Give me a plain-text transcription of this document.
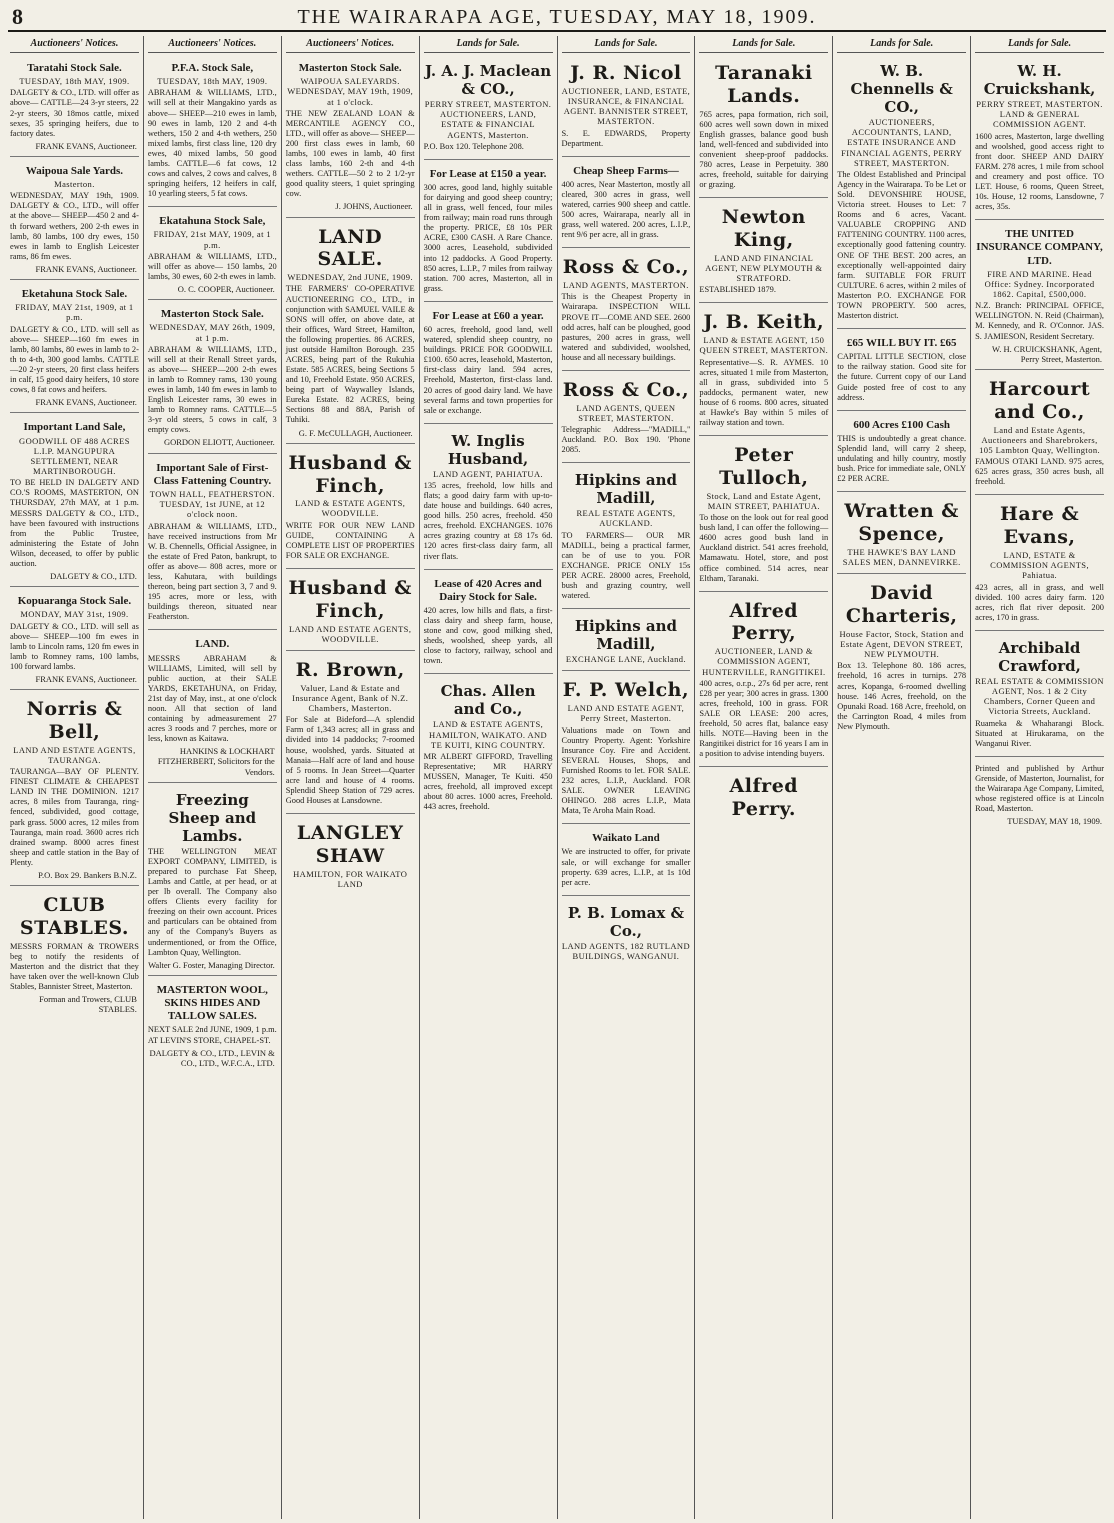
8	THE WAIRARAPA AGE, TUESDAY, MAY 18, 1909.
Auctioneers' Notices.
Taratahi Stock Sale.
TUESDAY, 18th MAY, 1909.
DALGETY & CO., LTD. will offer as above— CATTLE—24 3-yr steers, 22 2-yr steers, 30 18mos cattle, mixed sexes, 35 springing heifers, due to factory dates.
FRANK EVANS, Auctioneer.
Waipoua Sale Yards.
Masterton.
WEDNESDAY, MAY 19th, 1909. DALGETY & CO., LTD., will offer at the above— SHEEP—450 2 and 4-th forward wethers, 200 2-th ewes in lamb, 80 lambs, 100 dry ewes, 150 ewes in lamb to English Leicester rams, 86 fm ewes.
FRANK EVANS, Auctioneer.
Eketahuna Stock Sale.
FRIDAY, MAY 21st, 1909, at 1 p.m.
DALGETY & CO., LTD. will sell as above— SHEEP—160 fm ewes in lamb, 80 lambs, 80 ewes in lamb to 2-th to 4-th, 300 good lambs. CATTLE—20 2-yr steers, 20 first class heifers in calf, 15 good dairy heifers, 10 store cows, 8 fat cows and heifers.
FRANK EVANS, Auctioneer.
Important Land Sale,
GOODWILL OF 488 ACRES L.I.P. MANGUPURA SETTLEMENT, NEAR MARTINBOROUGH.
TO BE HELD IN DALGETY AND CO.'S ROOMS, MASTERTON, ON THURSDAY, 27th MAY, at 1 p.m. MESSRS DALGETY & CO., LTD., have been favoured with instructions from the Public Trustee, administering the Estate of John Wilson, deceased, to offer by public auction.
DALGETY & CO., LTD.
Kopuaranga Stock Sale.
MONDAY, MAY 31st, 1909.
DALGETY & CO., LTD. will sell as above— SHEEP—100 fm ewes in lamb to Lincoln rams, 120 fm ewes in lamb to Romney rams, 100 lambs, 100 forward lambs.
FRANK EVANS, Auctioneer.
Norris & Bell,
LAND AND ESTATE AGENTS, TAURANGA.
TAURANGA—BAY OF PLENTY. FINEST CLIMATE & CHEAPEST LAND IN THE DOMINION. 1217 acres, 8 miles from Tauranga, ring-fenced, subdivided, good cottage, park grass. 5000 acres, 12 miles from Tauranga, main road. 3600 acres rich drained swamp. 8000 acres finest sheep and cattle station in the Bay of Plenty.
P.O. Box 29. Bankers B.N.Z.
CLUB STABLES.
MESSRS FORMAN & TROWERS beg to notify the residents of Masterton and the district that they have taken over the well-known Club Stables, Bannister Street, Masterton.
Forman and Trowers, CLUB STABLES.
Auctioneers' Notices.
P.F.A. Stock Sale,
TUESDAY, 18th MAY, 1909.
ABRAHAM & WILLIAMS, LTD., will sell at their Mangakino yards as above— SHEEP—210 ewes in lamb, 90 ewes in lamb, 120 2 and 4-th wethers, 150 2 and 4-th wethers, 250 mixed lambs, first class line, 120 dry ewes, 40 mixed lambs, 50 good lambs. CATTLE—6 fat cows, 12 cows and calves, 2 cows and calves, 8 springing heifers, 12 heifers in calf, 10 yearling steers, 5 fat cows.
Ekatahuna Stock Sale,
FRIDAY, 21st MAY, 1909, at 1 p.m.
ABRAHAM & WILLIAMS, LTD., will offer as above— 150 lambs, 20 lambs, 30 ewes, 60 2-th ewes in lamb.
O. C. COOPER, Auctioneer.
Masterton Stock Sale.
WEDNESDAY, MAY 26th, 1909, at 1 p.m.
ABRAHAM & WILLIAMS, LTD., will sell at their Renall Street yards, as above— SHEEP—200 2-th ewes in lamb to Romney rams, 130 young ewes in lamb, 140 fm ewes in lamb to English Leicester rams, 30 ewes in lamb to Romney rams. CATTLE—5 3-yr old steers, 5 cows in calf, 3 empty cows.
GORDON ELIOTT, Auctioneer.
Important Sale of First-Class Fattening Country.
TOWN HALL, FEATHERSTON. TUESDAY, 1st JUNE, at 12 o'clock noon.
ABRAHAM & WILLIAMS, LTD., have received instructions from Mr W. B. Chennells, Official Assignee, in the estate of Fred Paton, bankrupt, to offer as above— 808 acres, more or less, Kahutara, with buildings thereon, being part section 3, 7 and 9. 195 acres, more or less, with buildings thereon, situated near Featherston.
LAND.
MESSRS ABRAHAM & WILLIAMS, Limited, will sell by public auction, at their SALE YARDS, EKETAHUNA, on Friday, 21st day of May, inst., at one o'clock noon. All that section of land containing by admeasurement 27 acres 3 roods and 7 perches, more or less, known as Kaitawa.
HANKINS & LOCKHART FITZHERBERT, Solicitors for the Vendors.
Freezing Sheep and Lambs.
THE WELLINGTON MEAT EXPORT COMPANY, LIMITED, is prepared to purchase Fat Sheep, Lambs and Cattle, at per head, or at per lb overall. The Company also offers Clients every facility for freezing on their own account. Prices and particulars can be obtained from any of the Company's Buyers as undermentioned, or from the Office, Lambton Quay, Wellington.
Walter G. Foster, Managing Director.
MASTERTON WOOL, SKINS HIDES AND TALLOW SALES.
NEXT SALE 2nd JUNE, 1909, 1 p.m. AT LEVIN'S STORE, CHAPEL-ST.
DALGETY & CO., LTD., LEVIN & CO., LTD., W.F.C.A., LTD.
Auctioneers' Notices.
Masterton Stock Sale.
WAIPOUA SALEYARDS. WEDNESDAY, MAY 19th, 1909, at 1 o'clock.
THE NEW ZEALAND LOAN & MERCANTILE AGENCY CO., LTD., will offer as above— SHEEP—200 first class ewes in lamb, 60 lambs, 100 ewes in lamb, 40 first class lambs, 160 2-th and 4-th wethers. CATTLE—50 2 to 2 1/2-yr good quality steers, 1 quiet springing cow.
J. JOHNS, Auctioneer.
LAND SALE.
WEDNESDAY, 2nd JUNE, 1909.
THE FARMERS' CO-OPERATIVE AUCTIONEERING CO., LTD., in conjunction with SAMUEL VAILE & SONS will offer, on above date, at their offices, Ward Street, Hamilton, the following properties. 86 ACRES, just outside Hamilton Borough. 235 ACRES, being part of the Rukuhia Estate. 585 ACRES, being Sections 5 and 10, Freehold Estate. 950 ACRES, being part of Waywalley Islands, Eureka Estate. 82 ACRES, being Sections 88 and 88A, Parish of Tuhiki.
G. F. McCULLAGH, Auctioneer.
Husband & Finch,
LAND & ESTATE AGENTS, WOODVILLE.
WRITE FOR OUR NEW LAND GUIDE, CONTAINING A COMPLETE LIST OF PROPERTIES FOR SALE OR EXCHANGE.
Husband & Finch,
LAND AND ESTATE AGENTS, WOODVILLE.
R. Brown,
Valuer, Land & Estate and Insurance Agent, Bank of N.Z. Chambers, Masterton.
For Sale at Bideford—A splendid Farm of 1,343 acres; all in grass and divided into 14 paddocks; 7-roomed house, woolshed, yards. Situated at Manaia—Half acre of land and house of 5 rooms. In Jean Street—Quarter acre land and house of 4 rooms. Splendid Sheep Station of 729 acres. Good Houses at Lansdowne.
LANGLEY SHAW
HAMILTON, FOR WAIKATO LAND
Lands for Sale.
J. A. J. Maclean & CO.,
PERRY STREET, MASTERTON. AUCTIONEERS, LAND, ESTATE & FINANCIAL AGENTS, Masterton.
P.O. Box 120. Telephone 208.
For Lease at £150 a year.
300 acres, good land, highly suitable for dairying and good sheep country; all in grass, well fenced, four miles from railway; main road runs through the property. PRICE, £8 10s PER ACRE, £300 CASH. A Rare Chance. 3000 acres, Leasehold, subdivided into 12 paddocks. A Good Property. 850 acres, L.I.P., 7 miles from railway station. 700 acres, Masterton, all in grass.
For Lease at £60 a year.
60 acres, freehold, good land, well watered, splendid sheep country, no buildings. PRICE FOR GOODWILL £100. 650 acres, leasehold, Masterton, first-class dairy land. 594 acres, Freehold, Masterton, first-class land. 20 acres of good dairy land. We have several farms and town properties for sale or exchange.
W. Inglis Husband,
LAND AGENT, PAHIATUA.
135 acres, freehold, low hills and flats; a good dairy farm with up-to-date house and buildings. 640 acres, good hills. 250 acres, freehold. 450 acres, freehold. EXCHANGES. 1076 acres grazing country at £8 17s 6d. 120 acres first-class dairy farm, all river flats.
Lease of 420 Acres and Dairy Stock for Sale.
420 acres, low hills and flats, a first-class dairy and sheep farm, house, stone and cow, good milking shed, sheds, woolshed, sheep yards, all close to factory, railway, school and town.
Chas. Allen and Co.,
LAND & ESTATE AGENTS, HAMILTON, WAIKATO. AND TE KUITI, KING COUNTRY.
MR ALBERT GIFFORD, Travelling Representative; MR HARRY MUSSEN, Manager, Te Kuiti. 450 acres, freehold, all improved except about 80 acres. 1000 acres, Freehold. 443 acres, freehold.
Lands for Sale.
J. R. Nicol
AUCTIONEER, LAND, ESTATE, INSURANCE, & FINANCIAL AGENT. BANNISTER STREET, MASTERTON.
S. E. EDWARDS, Property Department.
Cheap Sheep Farms—
400 acres, Near Masterton, mostly all cleared, 300 acres in grass, well watered, carries 900 sheep and cattle. 500 acres, Wairarapa, nearly all in grass, well watered. 200 acres, L.I.P., rent 9/6 per acre, all in grass.
Ross & Co.,
LAND AGENTS, MASTERTON.
This is the Cheapest Property in Wairarapa. INSPECTION WILL PROVE IT—COME AND SEE. 2600 odd acres, half can be ploughed, good pastures, 200 acres in grass, well watered and subdivided, woolshed, house and all necessary buildings.
Ross & Co.,
LAND AGENTS, QUEEN STREET, MASTERTON.
Telegraphic Address—"MADILL," Auckland. P.O. Box 190. 'Phone 2085.
Hipkins and Madill,
REAL ESTATE AGENTS, AUCKLAND.
TO FARMERS— OUR MR MADILL, being a practical farmer, can be of use to you. FOR EXCHANGE. PRICE ONLY 15s PER ACRE. 28000 acres, Freehold, bush and grazing country, well watered.
Hipkins and Madill,
EXCHANGE LANE, Auckland.
F. P. Welch,
LAND AND ESTATE AGENT, Perry Street, Masterton.
Valuations made on Town and Country Property. Agent: Yorkshire Insurance Coy. Fire and Accident. SEVERAL Houses, Shops, and Furnished Rooms to let. FOR SALE. 232 acres, L.I.P., Auckland. FOR SALE. OWNER LEAVING OHINGO. 288 acres L.I.P., Mata Mata, Te Aroha Main Road.
Waikato Land
We are instructed to offer, for private sale, or will exchange for smaller property. 639 acres, L.I.P., at 1s 10d per acre.
P. B. Lomax & Co.,
LAND AGENTS, 182 RUTLAND BUILDINGS, WANGANUI.
Lands for Sale.
Taranaki Lands.
765 acres, papa formation, rich soil, 600 acres well sown down in mixed English grasses, balance good bush land, well-fenced and subdivided into convenient sheep-proof paddocks. 780 acres, Lease in Perpetuity. 380 acres, freehold, suitable for dairying or grazing.
Newton King,
LAND AND FINANCIAL AGENT, NEW PLYMOUTH & STRATFORD.
ESTABLISHED 1879.
J. B. Keith,
LAND & ESTATE AGENT, 150 QUEEN STREET, MASTERTON.
Representative—S. R. AYMES. 10 acres, situated 1 mile from Masterton, all in grass, subdivided into 5 paddocks, permanent water, new house of 6 rooms. 800 acres, situated at Hawke's Bay within 5 miles of railway station and town.
Peter Tulloch,
Stock, Land and Estate Agent, MAIN STREET, PAHIATUA.
To those on the look out for real good bush land, I can offer the following— 4600 acres good bush land in Auckland district. 541 acres freehold, Mamawatu. Hotel, store, and post office combined. 514 acres, near Eltham, Taranaki.
Alfred Perry,
AUCTIONEER, LAND & COMMISSION AGENT, HUNTERVILLE, RANGITIKEI.
400 acres, o.r.p., 27s 6d per acre, rent £28 per year; 300 acres in grass. 1300 acres, freehold, 100 in grass. FOR SALE OR LEASE: 200 acres, freehold, 50 acres flat, balance easy hills. NOTE—Having been in the Rangitikei district for 16 years I am in a position to advise intending buyers.
Alfred Perry.
Lands for Sale.
W. B. Chennells & CO.,
AUCTIONEERS, ACCOUNTANTS, LAND, ESTATE INSURANCE AND FINANCIAL AGENTS, PERRY STREET, MASTERTON.
The Oldest Established and Principal Agency in the Wairarapa. To be Let or Sold. DEVONSHIRE HOUSE, Victoria street. Houses to Let: 7 Rooms and 6 acres, Vacant. VALUABLE CROPPING AND FATTENING COUNTRY. 1100 acres, exceptionally good fattening country. ONE OF THE BEST. 200 acres, an exceptionally well-appointed dairy farm. SUITABLE FOR FRUIT CULTURE. 6 acres, within 2 miles of Masterton P.O. EXCHANGE FOR TOWN PROPERTY. 500 acres, Masterton district.
£65 WILL BUY IT. £65
CAPITAL LITTLE SECTION, close to the railway station. Good site for the future. Current copy of our Land Guide posted free of cost to any address.
600 Acres £100 Cash
THIS is undoubtedly a great chance. Splendid land, will carry 2 sheep, undulating and hilly country, mostly bush. Price for immediate sale, ONLY £2 PER ACRE.
Wratten & Spence,
THE HAWKE'S BAY LAND SALES MEN, DANNEVIRKE.
David Charteris,
House Factor, Stock, Station and Estate Agent, DEVON STREET, NEW PLYMOUTH.
Box 13. Telephone 80. 186 acres, freehold, 16 acres in turnips. 278 acres, Kopanga, 6-roomed dwelling house. 146 Acres, freehold, on the Opunaki Road. 168 Acre, freehold, on the Carrington Road, 4 miles from New Plymouth.
Lands for Sale.
W. H. Cruickshank,
PERRY STREET, MASTERTON. LAND & GENERAL COMMISSION AGENT.
1600 acres, Masterton, large dwelling and woolshed, good access right to front door. SHEEP AND DAIRY FARM. 278 acres, 1 mile from school and creamery and post office. TO LET. House, 6 rooms, Queen Street, 10s. House, 12 rooms, Lansdowne, 7 acres, 35s.
THE UNITED INSURANCE COMPANY, LTD.
FIRE AND MARINE. Head Office: Sydney. Incorporated 1862. Capital, £500,000.
N.Z. Branch: PRINCIPAL OFFICE, WELLINGTON. N. Reid (Chairman), M. Kennedy, and R. O'Connor. JAS. S. JAMIESON, Resident Secretary.
W. H. CRUICKSHANK, Agent, Perry Street, Masterton.
Harcourt and Co.,
Land and Estate Agents, Auctioneers and Sharebrokers, 105 Lambton Quay, Wellington.
FAMOUS OTAKI LAND. 975 acres, 625 acres grass, 350 acres bush, all freehold.
Hare & Evans,
LAND, ESTATE & COMMISSION AGENTS, Pahiatua.
423 acres, all in grass, and well divided. 100 acres dairy farm. 120 acres, rich flat river deposit. 200 acres, 170 in grass.
Archibald Crawford,
REAL ESTATE & COMMISSION AGENT, Nos. 1 & 2 City Chambers, Corner Queen and Victoria Streets, Auckland.
Ruameka & Whaharangi Block. Situated at Hirukarama, on the Wanganui River.
Printed and published by Arthur Grenside, of Masterton, Journalist, for the Wairarapa Age Company, Limited, whose registered office is at Lincoln Road, Masterton.
TUESDAY, MAY 18, 1909.
